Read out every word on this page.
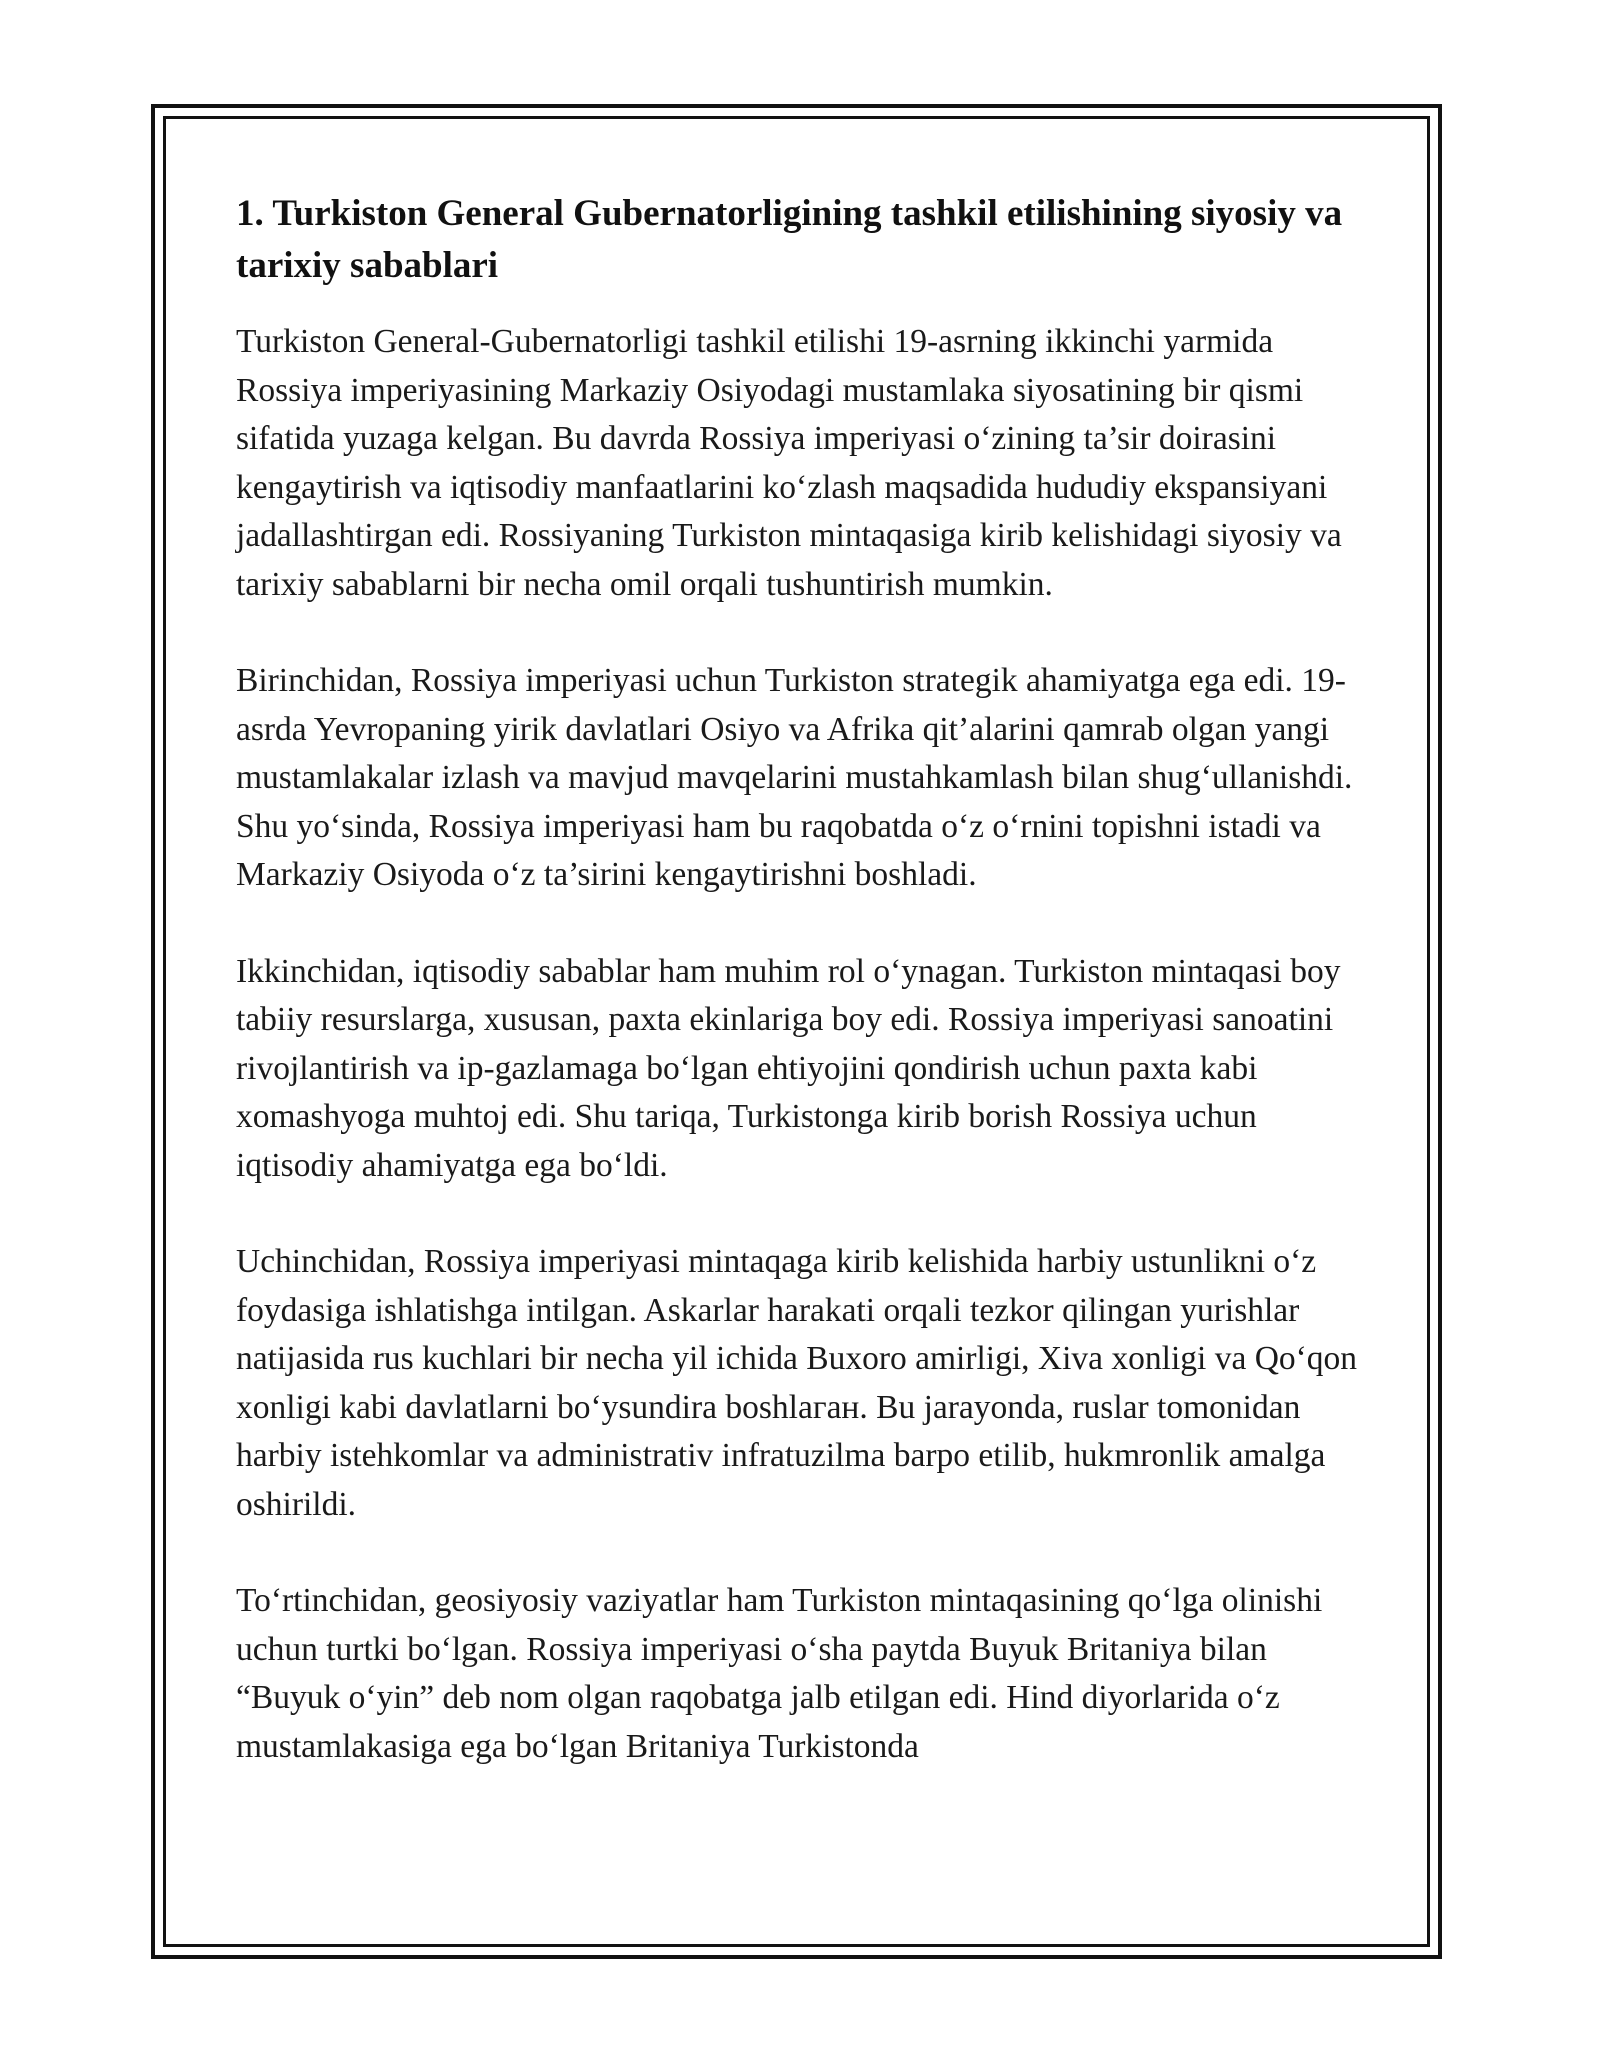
1. Turkiston General Gubernatorligining tashkil etilishining siyosiy va tarixiy sabablari

Turkiston General-Gubernatorligi tashkil etilishi 19-asrning ikkinchi yarmida Rossiya imperiyasining Markaziy Osiyodagi mustamlaka siyosatining bir qismi sifatida yuzaga kelgan. Bu davrda Rossiya imperiyasi o‘zining ta’sir doirasini kengaytirish va iqtisodiy manfaatlarini ko‘zlash maqsadida hududiy ekspansiyani jadallashtirgan edi. Rossiyaning Turkiston mintaqasiga kirib kelishidagi siyosiy va tarixiy sabablarni bir necha omil orqali tushuntirish mumkin.

Birinchidan, Rossiya imperiyasi uchun Turkiston strategik ahamiyatga ega edi. 19-asrda Yevropaning yirik davlatlari Osiyo va Afrika qit’alarini qamrab olgan yangi mustamlakalar izlash va mavjud mavqelarini mustahkamlash bilan shug‘ullanishdi. Shu yo‘sinda, Rossiya imperiyasi ham bu raqobatda o‘z o‘rnini topishni istadi va Markaziy Osiyoda o‘z ta’sirini kengaytirishni boshladi.

Ikkinchidan, iqtisodiy sabablar ham muhim rol o‘ynagan. Turkiston mintaqasi boy tabiiy resurslarga, xususan, paxta ekinlariga boy edi. Rossiya imperiyasi sanoatini rivojlantirish va ip-gazlamaga bo‘lgan ehtiyojini qondirish uchun paxta kabi xomashyoga muhtoj edi. Shu tariqa, Turkistonga kirib borish Rossiya uchun iqtisodiy ahamiyatga ega bo‘ldi.

Uchinchidan, Rossiya imperiyasi mintaqaga kirib kelishida harbiy ustunlikni o‘z foydasiga ishlatishga intilgan. Askarlar harakati orqali tezkor qilingan yurishlar natijasida rus kuchlari bir necha yil ichida Buxoro amirligi, Xiva xonligi va Qo‘qon xonligi kabi davlatlarni bo‘ysundira boshlaган. Bu jarayonda, ruslar tomonidan harbiy istehkomlar va administrativ infratuzilma barpo etilib, hukmronlik amalga oshirildi.

To‘rtinchidan, geosiyosiy vaziyatlar ham Turkiston mintaqasining qo‘lga olinishi uchun turtki bo‘lgan. Rossiya imperiyasi o‘sha paytda Buyuk Britaniya bilan “Buyuk o‘yin” deb nom olgan raqobatga jalb etilgan edi. Hind diyorlarida o‘z mustamlakasiga ega bo‘lgan Britaniya Turkistonda
